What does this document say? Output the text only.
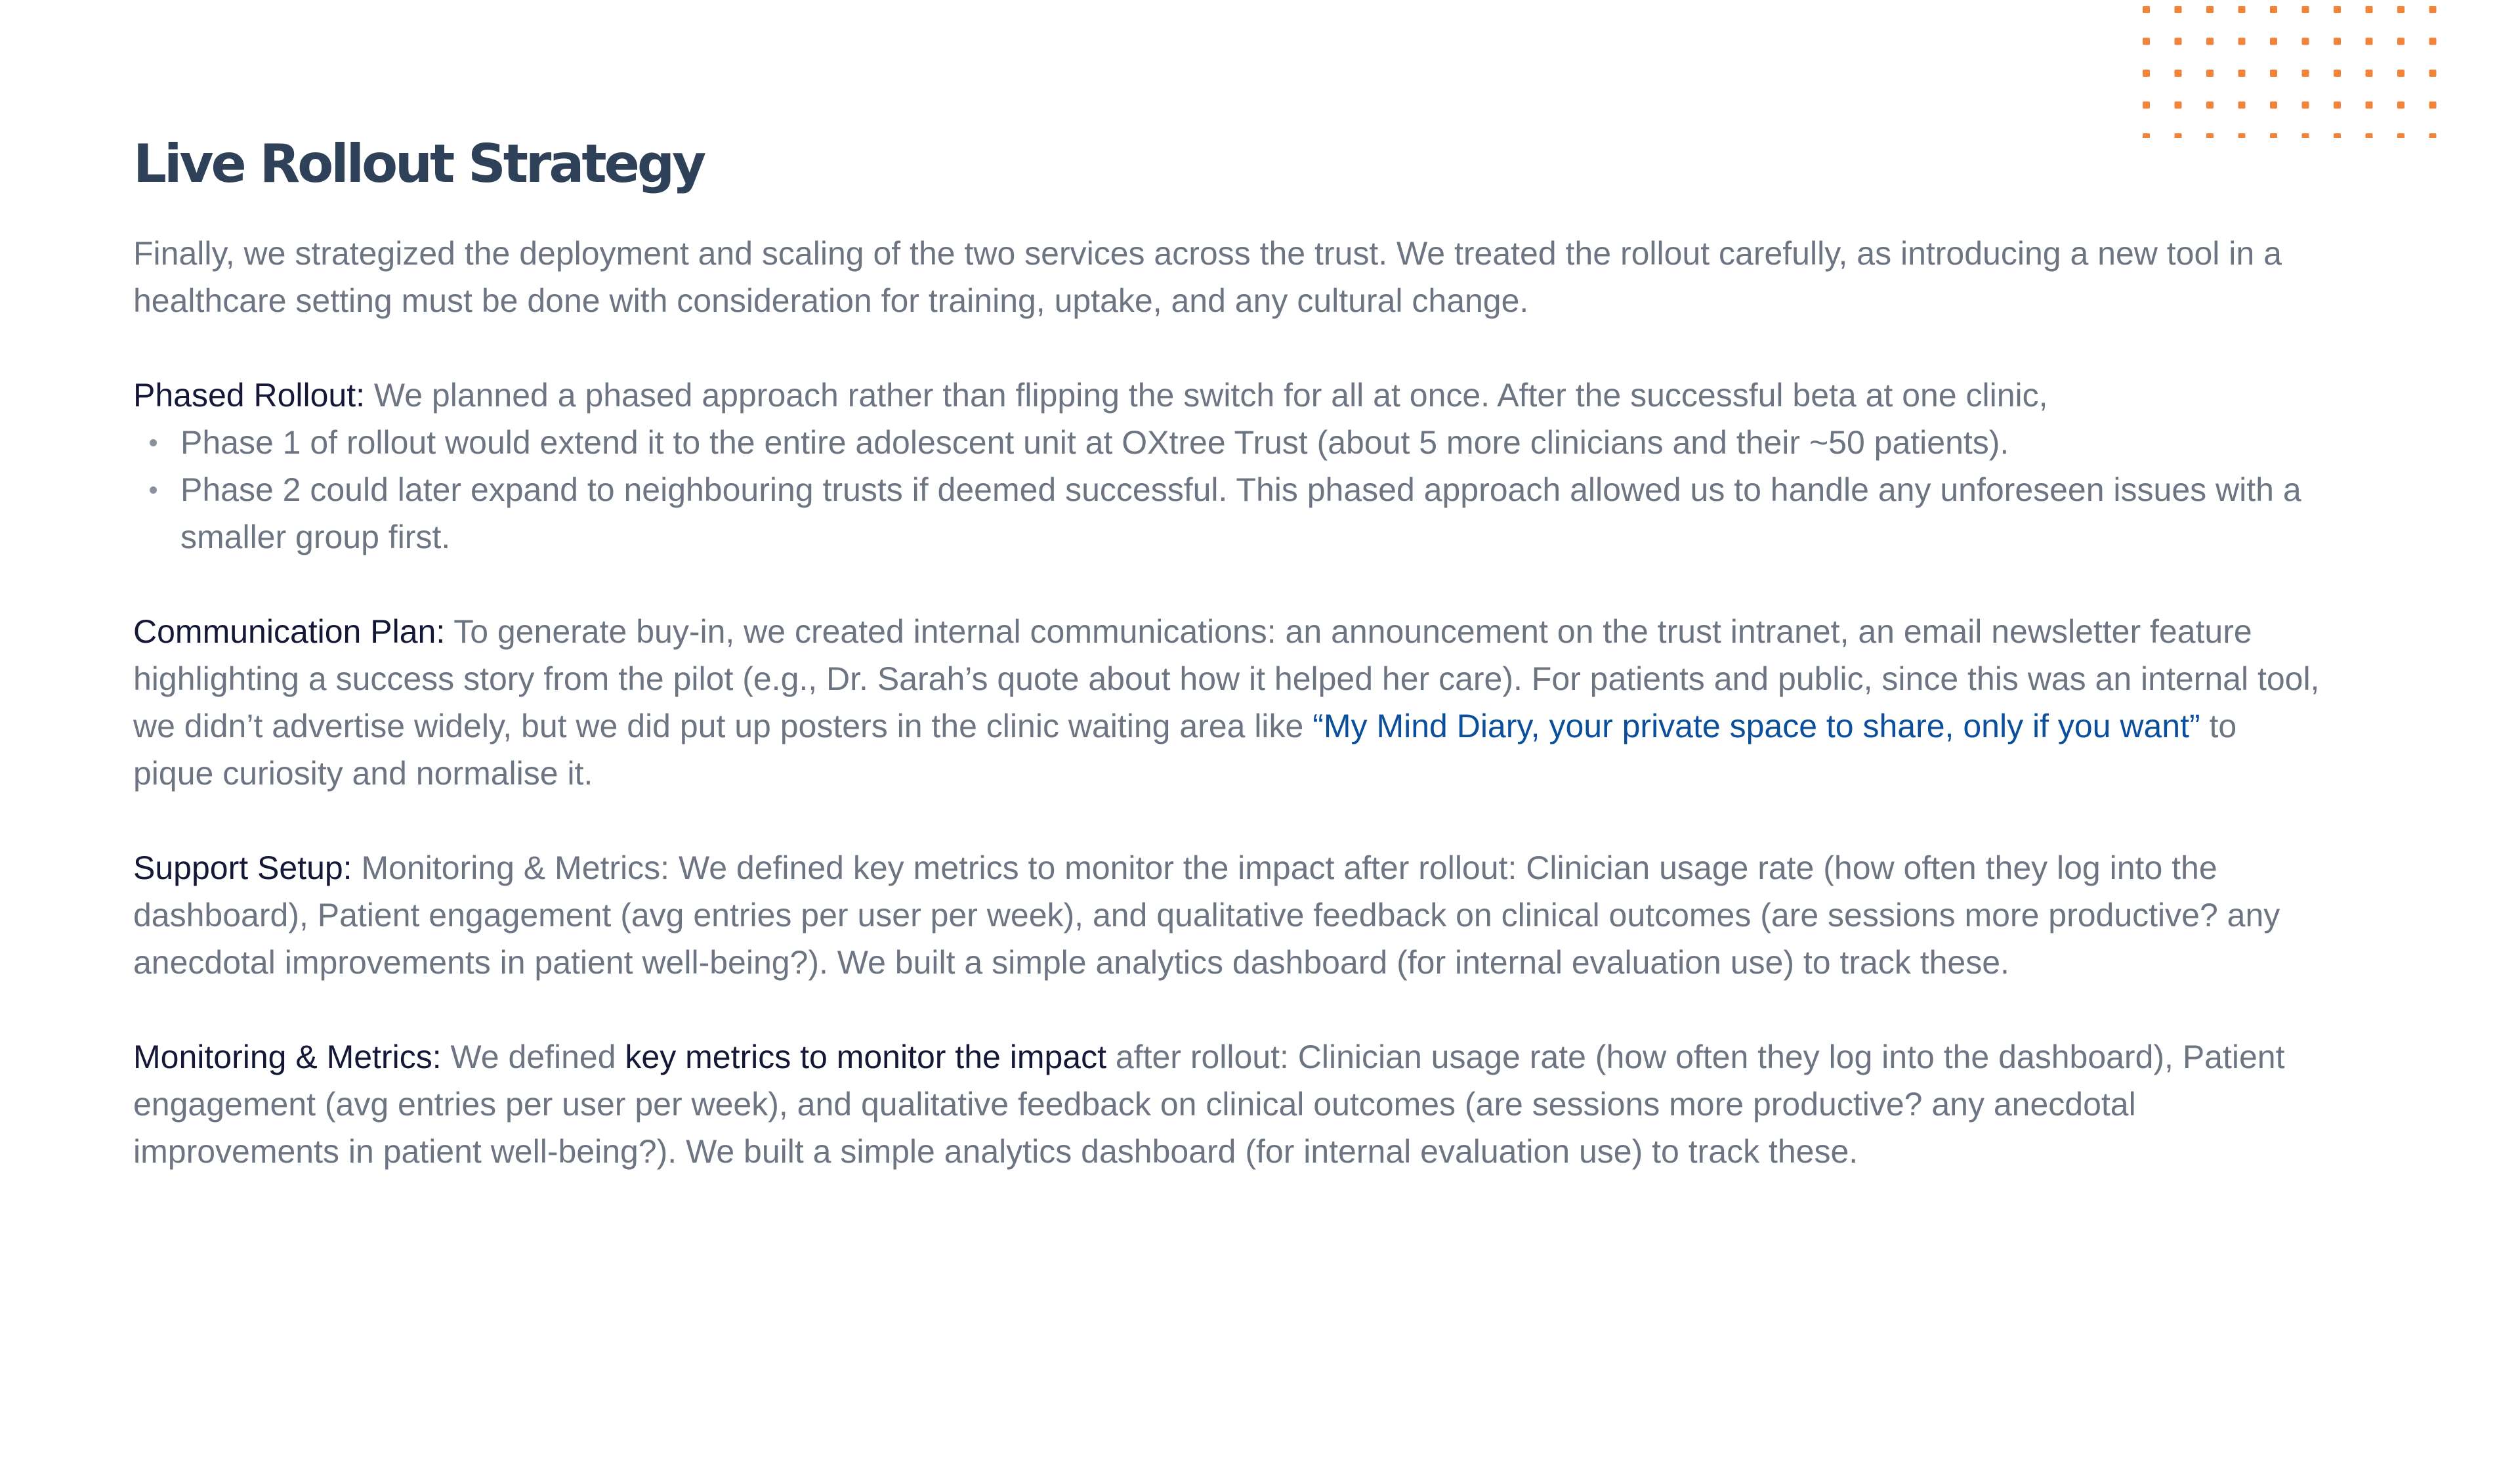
Live Rollout Strategy

Finally, we strategized the deployment and scaling of the two services across the trust. We treated the rollout carefully, as introducing a new tool in a healthcare setting must be done with consideration for training, uptake, and any cultural change.

Phased Rollout: We planned a phased approach rather than flipping the switch for all at once. After the successful beta at one clinic,

Phase 1 of rollout would extend it to the entire adolescent unit at OXtree Trust (about 5 more clinicians and their ~50 patients).
Phase 2 could later expand to neighbouring trusts if deemed successful. This phased approach allowed us to handle any unforeseen issues with a smaller group first.

Communication Plan: To generate buy-in, we created internal communications: an announcement on the trust intranet, an email newsletter feature highlighting a success story from the pilot (e.g., Dr. Sarah’s quote about how it helped her care). For patients and public, since this was an internal tool, we didn’t advertise widely, but we did put up posters in the clinic waiting area like “My Mind Diary, your private space to share, only if you want” to pique curiosity and normalise it.

Support Setup: Monitoring & Metrics: We defined key metrics to monitor the impact after rollout: Clinician usage rate (how often they log into the dashboard), Patient engagement (avg entries per user per week), and qualitative feedback on clinical outcomes (are sessions more productive? any anecdotal improvements in patient well-being?). We built a simple analytics dashboard (for internal evaluation use) to track these.

Monitoring & Metrics: We defined key metrics to monitor the impact after rollout: Clinician usage rate (how often they log into the dashboard), Patient engagement (avg entries per user per week), and qualitative feedback on clinical outcomes (are sessions more productive? any anecdotal improvements in patient well-being?). We built a simple analytics dashboard (for internal evaluation use) to track these.
